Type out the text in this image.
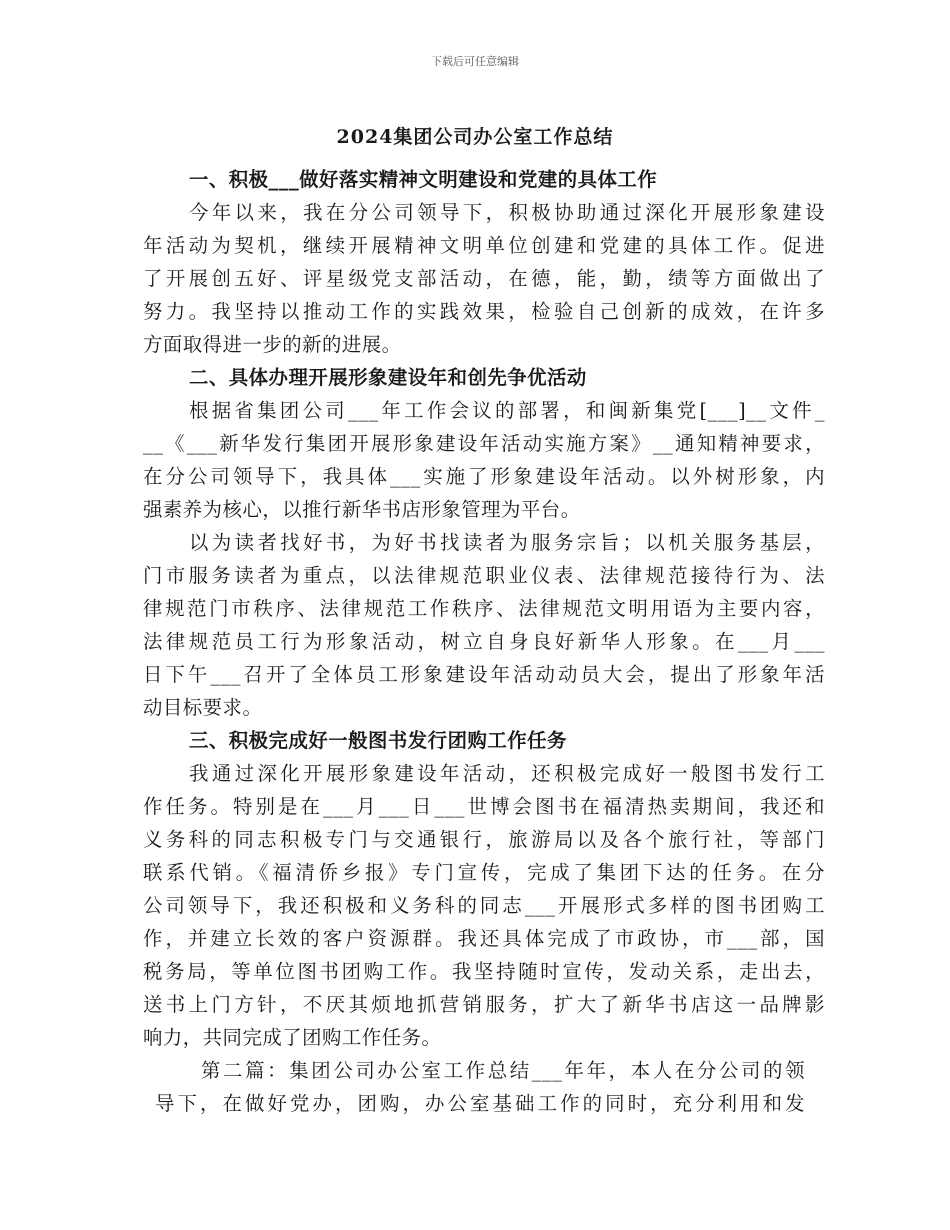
下载后可任意编辑
2024集团公司办公室工作总结
一、积极___做好落实精神文明建设和党建的具体工作
今年以来，我在分公司领导下，积极协助通过深化开展形象建设
年活动为契机，继续开展精神文明单位创建和党建的具体工作。促进
了开展创五好、评星级党支部活动，在德，能，勤，绩等方面做出了
努力。我坚持以推动工作的实践效果，检验自己创新的成效，在许多
方面取得进一步的新的进展。
二、具体办理开展形象建设年和创先争优活动
根据省集团公司___年工作会议的部署，和闽新集党[___]__文件_
__《___新华发行集团开展形象建设年活动实施方案》__通知精神要求，
在分公司领导下，我具体___实施了形象建设年活动。以外树形象，内
强素养为核心，以推行新华书店形象管理为平台。
以为读者找好书，为好书找读者为服务宗旨；以机关服务基层，
门市服务读者为重点，以法律规范职业仪表、法律规范接待行为、法
律规范门市秩序、法律规范工作秩序、法律规范文明用语为主要内容，
法律规范员工行为形象活动，树立自身良好新华人形象。在___月___
日下午___召开了全体员工形象建设年活动动员大会，提出了形象年活
动目标要求。
三、积极完成好一般图书发行团购工作任务
我通过深化开展形象建设年活动，还积极完成好一般图书发行工
作任务。特别是在___月___日___世博会图书在福清热卖期间，我还和
义务科的同志积极专门与交通银行，旅游局以及各个旅行社，等部门
联系代销。《福清侨乡报》专门宣传，完成了集团下达的任务。在分
公司领导下，我还积极和义务科的同志___开展形式多样的图书团购工
作，并建立长效的客户资源群。我还具体完成了市政协，市___部，国
税务局，等单位图书团购工作。我坚持随时宣传，发动关系，走出去，
送书上门方针，不厌其烦地抓营销服务，扩大了新华书店这一品牌影
响力，共同完成了团购工作任务。
第二篇：集团公司办公室工作总结___年年，本人在分公司的领
导下，在做好党办，团购，办公室基础工作的同时，充分利用和发
